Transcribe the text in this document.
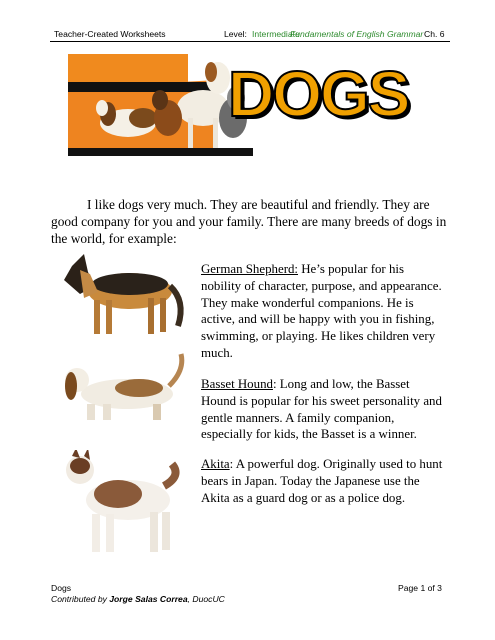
Teacher-Created Worksheets	Level: Intermediate
Fundamentals of English Grammar Ch. 6
DOGS

I like dogs very much. They are beautiful and friendly. They are good company for you and your family. There are many breeds of dogs in the world, for example:

German Shepherd: He’s popular for his nobility of character, purpose, and appearance. They make wonderful companions. He is active, and will be happy with you in fishing, swimming, or playing. He likes children very much.
Basset Hound: Long and low, the Basset Hound is popular for his sweet personality and gentle manners. A family companion, especially for kids, the Basset is a winner.
Akita: A powerful dog. Originally used to hunt bears in Japan. Today the Japanese use the Akita as a guard dog or as a police dog.
Dogs	Page 1 of 3
Contributed by Jorge Salas Correa, DuocUC
